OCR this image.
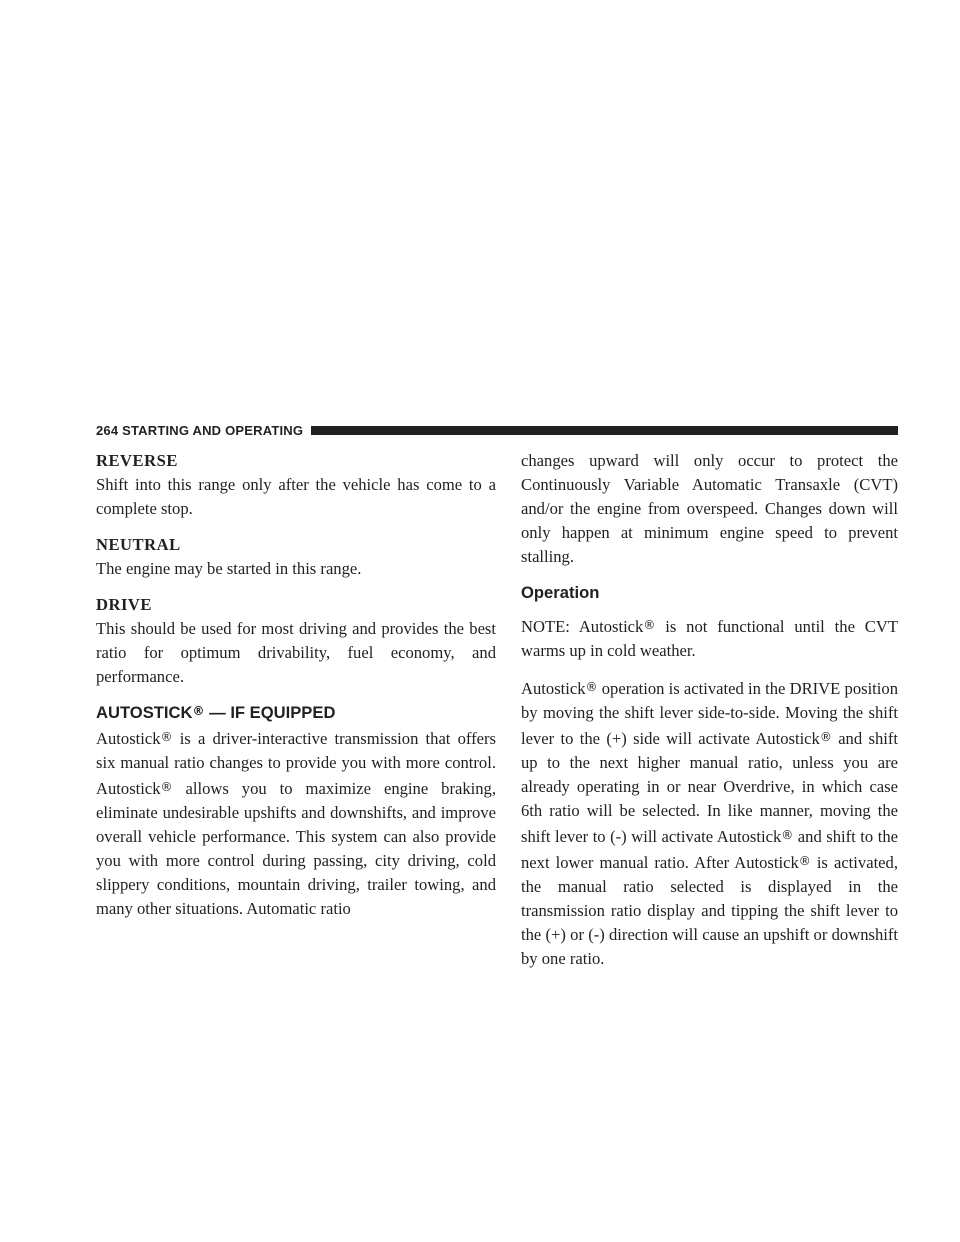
264 STARTING AND OPERATING
REVERSE

Shift into this range only after the vehicle has come to a complete stop.

NEUTRAL

The engine may be started in this range.

DRIVE

This should be used for most driving and provides the best ratio for optimum drivability, fuel economy, and performance.

AUTOSTICK® — IF EQUIPPED

Autostick® is a driver-interactive transmission that offers six manual ratio changes to provide you with more control. Autostick® allows you to maximize engine braking, eliminate undesirable upshifts and downshifts, and improve overall vehicle performance. This system can also provide you with more control during passing, city driving, cold slippery conditions, mountain driving, trailer towing, and many other situations. Automatic ratio

changes upward will only occur to protect the Continuously Variable Automatic Transaxle (CVT) and/or the engine from overspeed. Changes down will only happen at minimum engine speed to prevent stalling.

Operation

NOTE: Autostick® is not functional until the CVT warms up in cold weather.

Autostick® operation is activated in the DRIVE position by moving the shift lever side-to-side. Moving the shift lever to the (+) side will activate Autostick® and shift up to the next higher manual ratio, unless you are already operating in or near Overdrive, in which case 6th ratio will be selected. In like manner, moving the shift lever to (-) will activate Autostick® and shift to the next lower manual ratio. After Autostick® is activated, the manual ratio selected is displayed in the transmission ratio display and tipping the shift lever to the (+) or (-) direction will cause an upshift or downshift by one ratio.
